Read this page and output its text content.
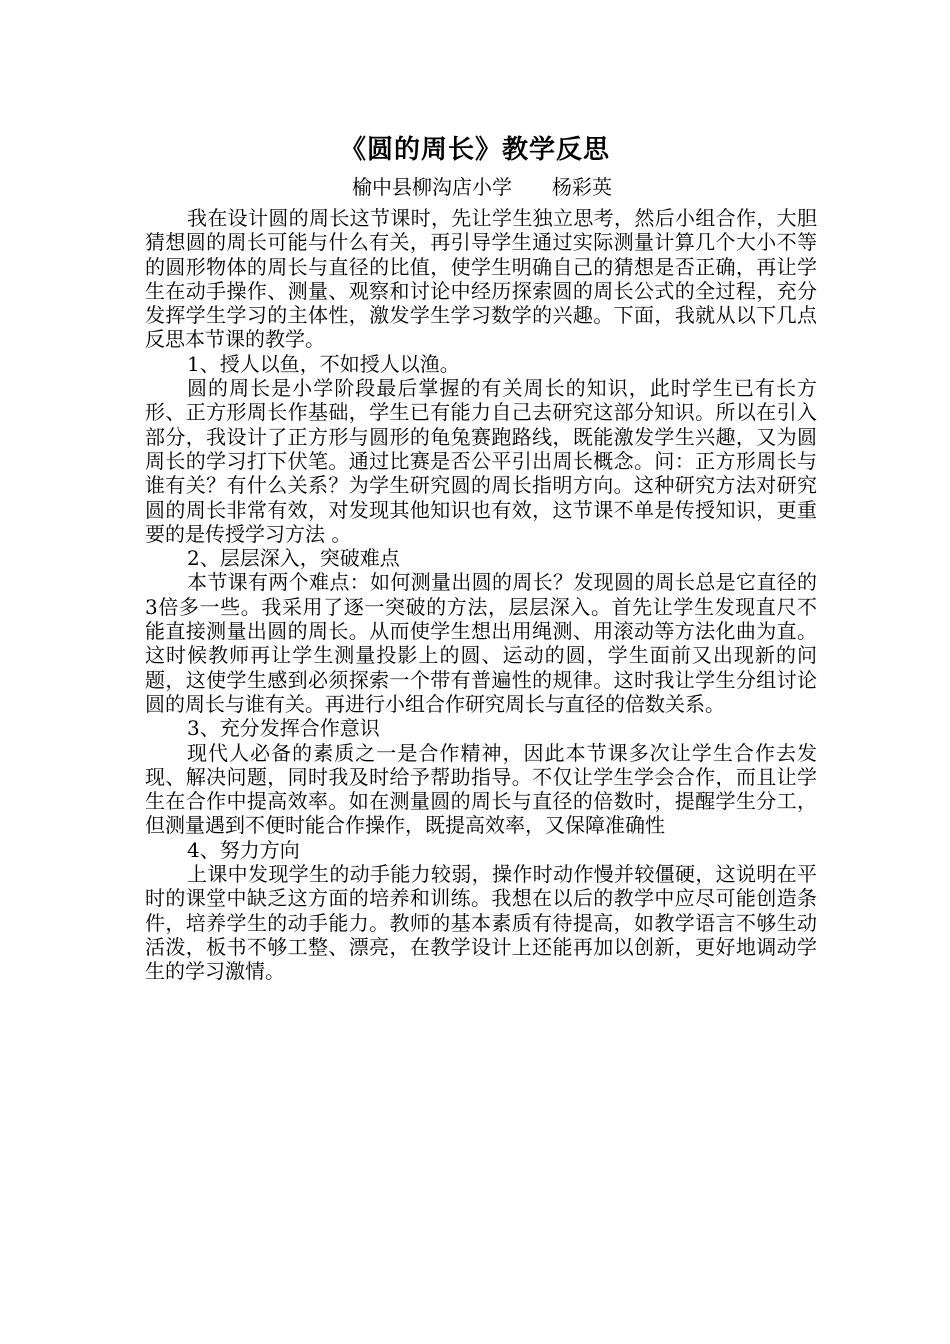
《圆的周长》教学反思
榆中县柳沟店小学　　杨彩英

我在设计圆的周长这节课时，先让学生独立思考，然后小组合作，大胆猜想圆的周长可能与什么有关，再引导学生通过实际测量计算几个大小不等的圆形物体的周长与直径的比值，使学生明确自己的猜想是否正确，再让学生在动手操作、测量、观察和讨论中经历探索圆的周长公式的全过程，充分发挥学生学习的主体性，激发学生学习数学的兴趣。下面，我就从以下几点反思本节课的教学。

1、授人以鱼，不如授人以渔。

圆的周长是小学阶段最后掌握的有关周长的知识，此时学生已有长方形、正方形周长作基础，学生已有能力自己去研究这部分知识。所以在引入部分，我设计了正方形与圆形的龟兔赛跑路线，既能激发学生兴趣，又为圆周长的学习打下伏笔。通过比赛是否公平引出周长概念。问：正方形周长与谁有关？有什么关系？为学生研究圆的周长指明方向。这种研究方法对研究圆的周长非常有效，对发现其他知识也有效，这节课不单是传授知识，更重要的是传授学习方法 。

2、层层深入，突破难点

本节课有两个难点：如何测量出圆的周长？发现圆的周长总是它直径的3倍多一些。我采用了逐一突破的方法，层层深入。首先让学生发现直尺不能直接测量出圆的周长。从而使学生想出用绳测、用滚动等方法化曲为直。这时候教师再让学生测量投影上的圆、运动的圆，学生面前又出现新的问题，这使学生感到必须探索一个带有普遍性的规律。这时我让学生分组讨论圆的周长与谁有关。再进行小组合作研究周长与直径的倍数关系。

3、充分发挥合作意识

现代人必备的素质之一是合作精神，因此本节课多次让学生合作去发现、解决问题，同时我及时给予帮助指导。不仅让学生学会合作，而且让学生在合作中提高效率。如在测量圆的周长与直径的倍数时，提醒学生分工，但测量遇到不便时能合作操作，既提高效率，又保障准确性

4、努力方向

上课中发现学生的动手能力较弱，操作时动作慢并较僵硬，这说明在平时的课堂中缺乏这方面的培养和训练。我想在以后的教学中应尽可能创造条件，培养学生的动手能力。教师的基本素质有待提高，如教学语言不够生动活泼，板书不够工整、漂亮，在教学设计上还能再加以创新，更好地调动学生的学习激情。
